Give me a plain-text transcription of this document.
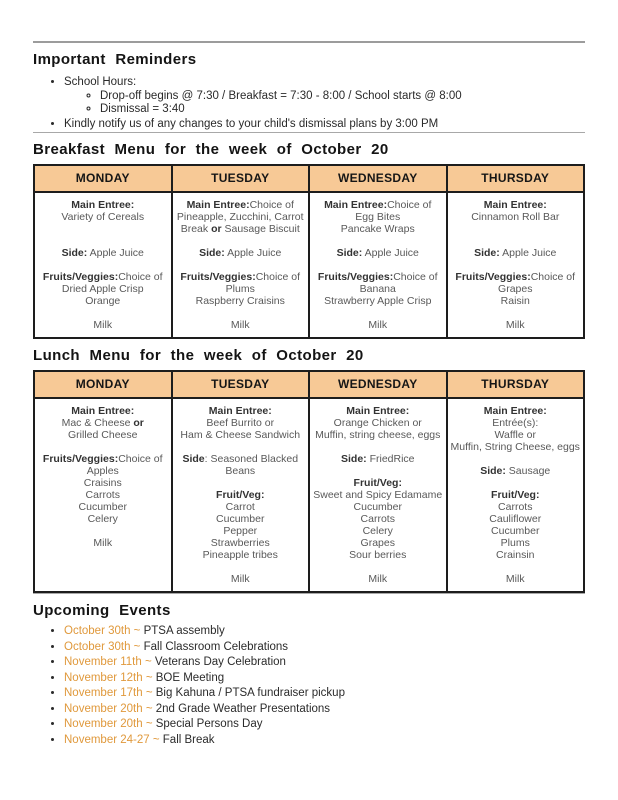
Important Reminders
• School Hours:
◦ Drop-off begins @ 7:30 / Breakfast = 7:30 - 8:00 / School starts @ 8:00
◦ Dismissal = 3:40
• Kindly notify us of any changes to your child's dismissal plans by 3:00 PM
Breakfast Menu for the week of October 20
MONDAY	TUESDAY	WEDNESDAY	THURSDAY
Main Entree:
Variety of Cereals
Side: Apple Juice
Fruits/Veggies:Choice of
Dried Apple Crisp
Orange
Milk
Main Entree:Choice of
Pineapple, Zucchini, Carrot
Break or Sausage Biscuit
Side: Apple Juice
Fruits/Veggies:Choice of
Plums
Raspberry Craisins
Milk
Main Entree:Choice of
Egg Bites
Pancake Wraps
Side: Apple Juice
Fruits/Veggies:Choice of
Banana
Strawberry Apple Crisp
Milk
Main Entree:
Cinnamon Roll Bar
Side: Apple Juice
Fruits/Veggies:Choice of
Grapes
Raisin
Milk
Lunch Menu for the week of October 20
MONDAY	TUESDAY	WEDNESDAY	THURSDAY
Main Entree:
Mac & Cheese or
Grilled Cheese
Fruits/Veggies:Choice of
Apples
Craisins
Carrots
Cucumber
Celery
Milk
Main Entree:
Beef Burrito or
Ham & Cheese Sandwich
Side: Seasoned Blacked
Beans
Fruit/Veg:
Carrot
Cucumber
Pepper
Strawberries
Pineapple tribes
Milk
Main Entree:
Orange Chicken or
Muffin, string cheese, eggs
Side: FriedRice
Fruit/Veg:
Sweet and Spicy Edamame
Cucumber
Carrots
Celery
Grapes
Sour berries
Milk
Main Entree:
Entrée(s):
Waffle or
Muffin, String Cheese, eggs
Side: Sausage
Fruit/Veg:
Carrots
Cauliflower
Cucumber
Plums
Crainsin
Milk
Upcoming Events
• October 30th ~ PTSA assembly
• October 30th ~ Fall Classroom Celebrations
• November 11th ~ Veterans Day Celebration
• November 12th ~ BOE Meeting
• November 17th ~ Big Kahuna / PTSA fundraiser pickup
• November 20th ~ 2nd Grade Weather Presentations
• November 20th ~ Special Persons Day
• November 24-27 ~ Fall Break
